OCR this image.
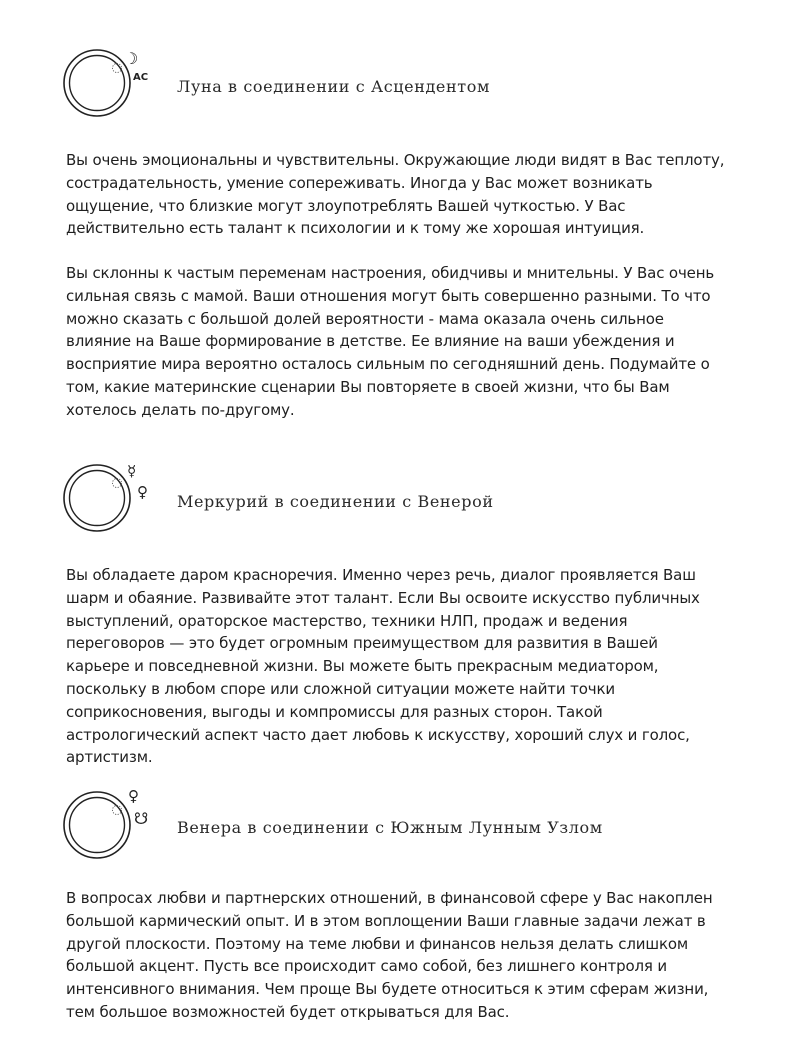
☽
AC Луна в соединении с Асцендентом

Вы очень эмоциональны и чувствительны. Окружающие люди видят в Вас теплоту, сострадательность, умение сопереживать. Иногда у Вас может возникать ощущение, что близкие могут злоупотреблять Вашей чуткостью. У Вас действительно есть талант к психологии и к тому же хорошая интуиция.

Вы склонны к частым переменам настроения, обидчивы и мнительны. У Вас очень сильная связь с мамой. Ваши отношения могут быть совершенно разными. То что можно сказать с большой долей вероятности - мама оказала очень сильное влияние на Ваше формирование в детстве. Ее влияние на ваши убеждения и восприятие мира вероятно осталось сильным по сегодняшний день. Подумайте о том, какие материнские сценарии Вы повторяете в своей жизни, что бы Вам хотелось делать по-другому.

☿
♀ Меркурий в соединении с Венерой

Вы обладаете даром красноречия. Именно через речь, диалог проявляется Ваш шарм и обаяние. Развивайте этот талант. Если Вы освоите искусство публичных выступлений, ораторское мастерство, техники НЛП, продаж и ведения переговоров — это будет огромным преимуществом для развития в Вашей карьере и повседневной жизни. Вы можете быть прекрасным медиатором, поскольку в любом споре или сложной ситуации можете найти точки соприкосновения, выгоды и компромиссы для разных сторон. Такой астрологический аспект часто дает любовь к искусству, хороший слух и голос, артистизм.

♀
☋ Венера в соединении с Южным Лунным Узлом

В вопросах любви и партнерских отношений, в финансовой сфере у Вас накоплен большой кармический опыт. И в этом воплощении Ваши главные задачи лежат в другой плоскости. Поэтому на теме любви и финансов нельзя делать слишком большой акцент. Пусть все происходит само собой, без лишнего контроля и интенсивного внимания. Чем проще Вы будете относиться к этим сферам жизни, тем большое возможностей будет открываться для Вас.
